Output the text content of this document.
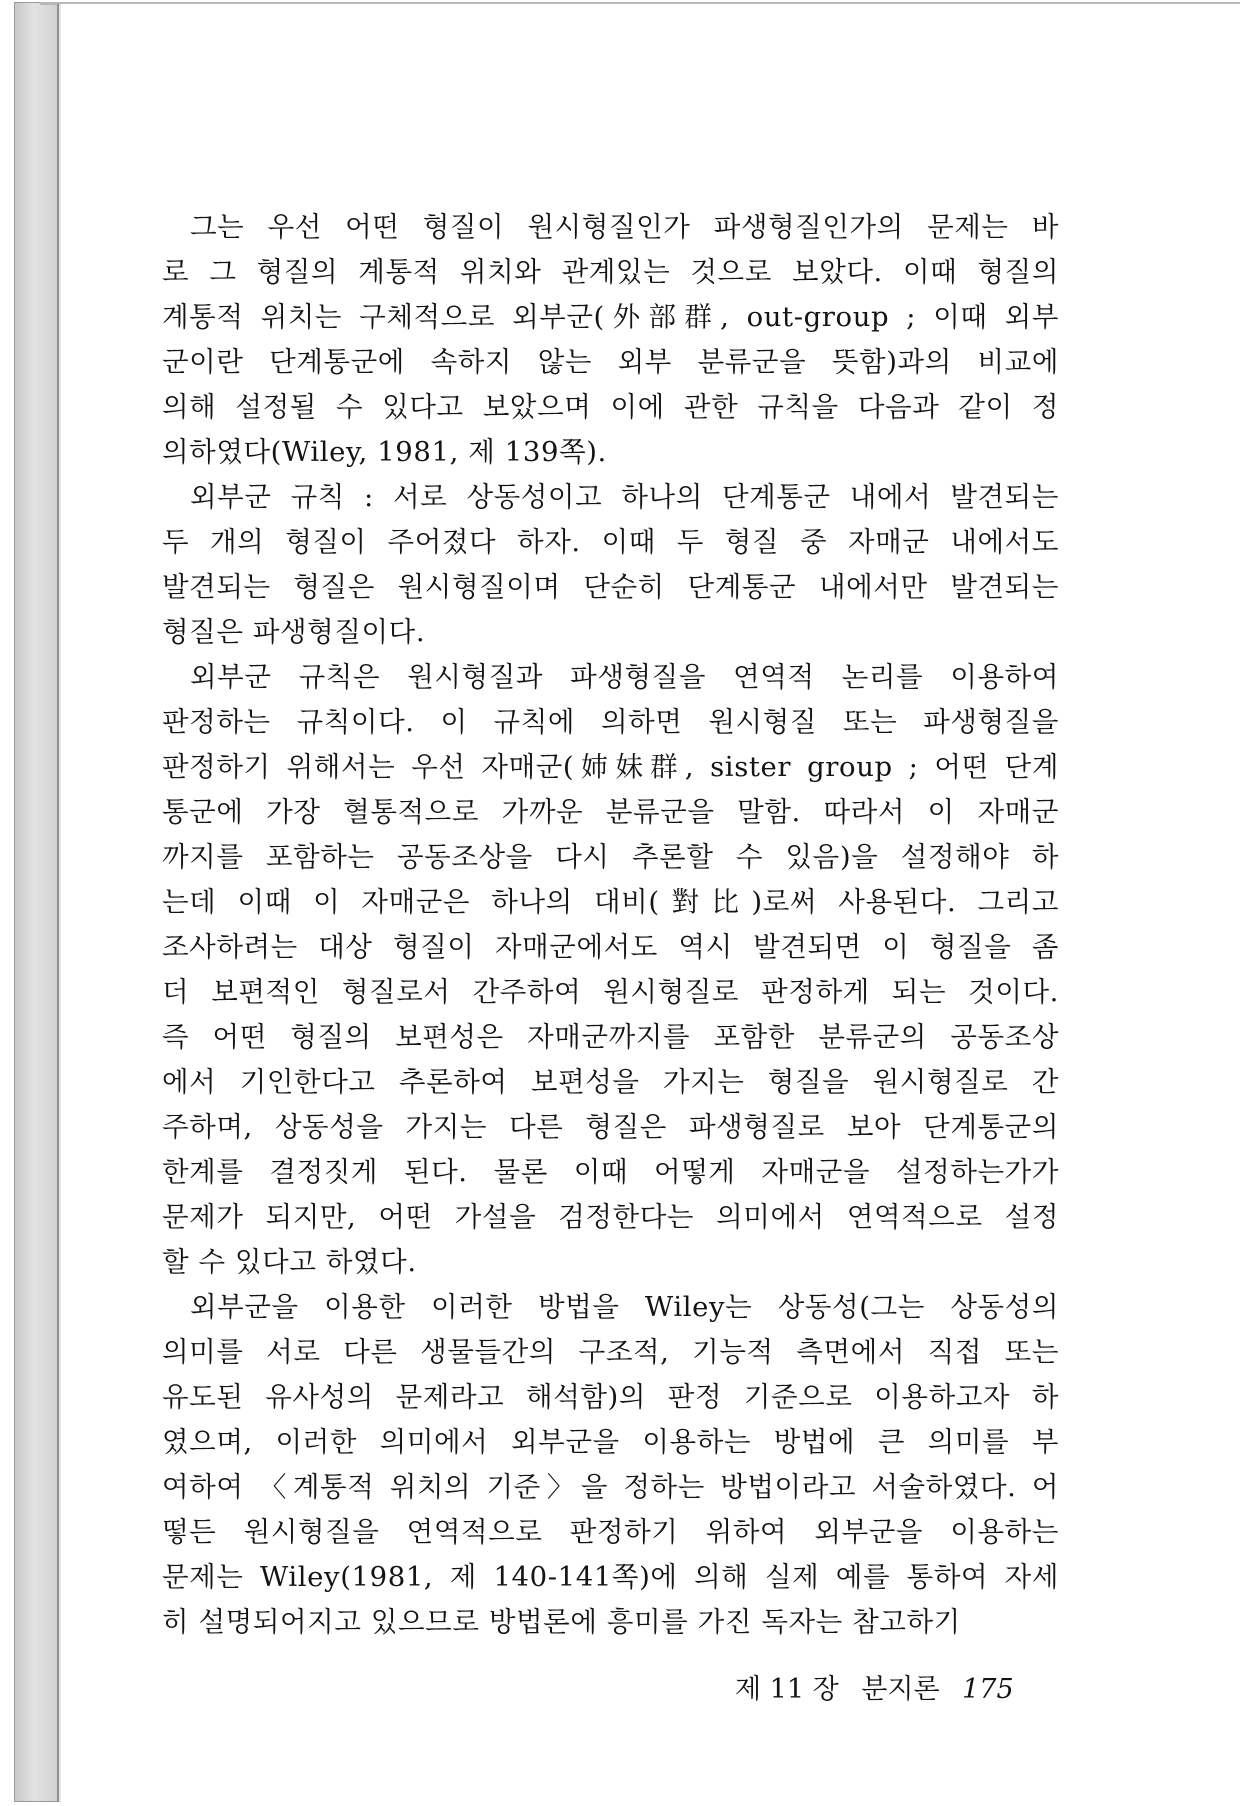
그는 우선 어떤 형질이 원시형질인가 파생형질인가의 문제는 바
로 그 형질의 계통적 위치와 관계있는 것으로 보았다. 이때 형질의
계통적 위치는 구체적으로 외부군(外部群, out-group ; 이때 외부
군이란 단계통군에 속하지 않는 외부 분류군을 뜻함)과의 비교에
의해 설정될 수 있다고 보았으며 이에 관한 규칙을 다음과 같이 정
의하였다(Wiley, 1981, 제 139쪽).
외부군 규칙 : 서로 상동성이고 하나의 단계통군 내에서 발견되는
두 개의 형질이 주어졌다 하자. 이때 두 형질 중 자매군 내에서도
발견되는 형질은 원시형질이며 단순히 단계통군 내에서만 발견되는
형질은 파생형질이다.
외부군 규칙은 원시형질과 파생형질을 연역적 논리를 이용하여
판정하는 규칙이다. 이 규칙에 의하면 원시형질 또는 파생형질을
판정하기 위해서는 우선 자매군(姉妹群, sister group ; 어떤 단계
통군에 가장 혈통적으로 가까운 분류군을 말함. 따라서 이 자매군
까지를 포함하는 공동조상을 다시 추론할 수 있음)을 설정해야 하
는데 이때 이 자매군은 하나의 대비(對比)로써 사용된다. 그리고
조사하려는 대상 형질이 자매군에서도 역시 발견되면 이 형질을 좀
더 보편적인 형질로서 간주하여 원시형질로 판정하게 되는 것이다.
즉 어떤 형질의 보편성은 자매군까지를 포함한 분류군의 공동조상
에서 기인한다고 추론하여 보편성을 가지는 형질을 원시형질로 간
주하며, 상동성을 가지는 다른 형질은 파생형질로 보아 단계통군의
한계를 결정짓게 된다. 물론 이때 어떻게 자매군을 설정하는가가
문제가 되지만, 어떤 가설을 검정한다는 의미에서 연역적으로 설정
할 수 있다고 하였다.
외부군을 이용한 이러한 방법을 Wiley는 상동성(그는 상동성의
의미를 서로 다른 생물들간의 구조적, 기능적 측면에서 직접 또는
유도된 유사성의 문제라고 해석함)의 판정 기준으로 이용하고자 하
였으며, 이러한 의미에서 외부군을 이용하는 방법에 큰 의미를 부
여하여 〈계통적 위치의 기준〉을 정하는 방법이라고 서술하였다. 어
떻든 원시형질을 연역적으로 판정하기 위하여 외부군을 이용하는
문제는 Wiley(1981, 제 140-141쪽)에 의해 실제 예를 통하여 자세
히 설명되어지고 있으므로 방법론에 흥미를 가진 독자는 참고하기
제 11 장 분지론 175
